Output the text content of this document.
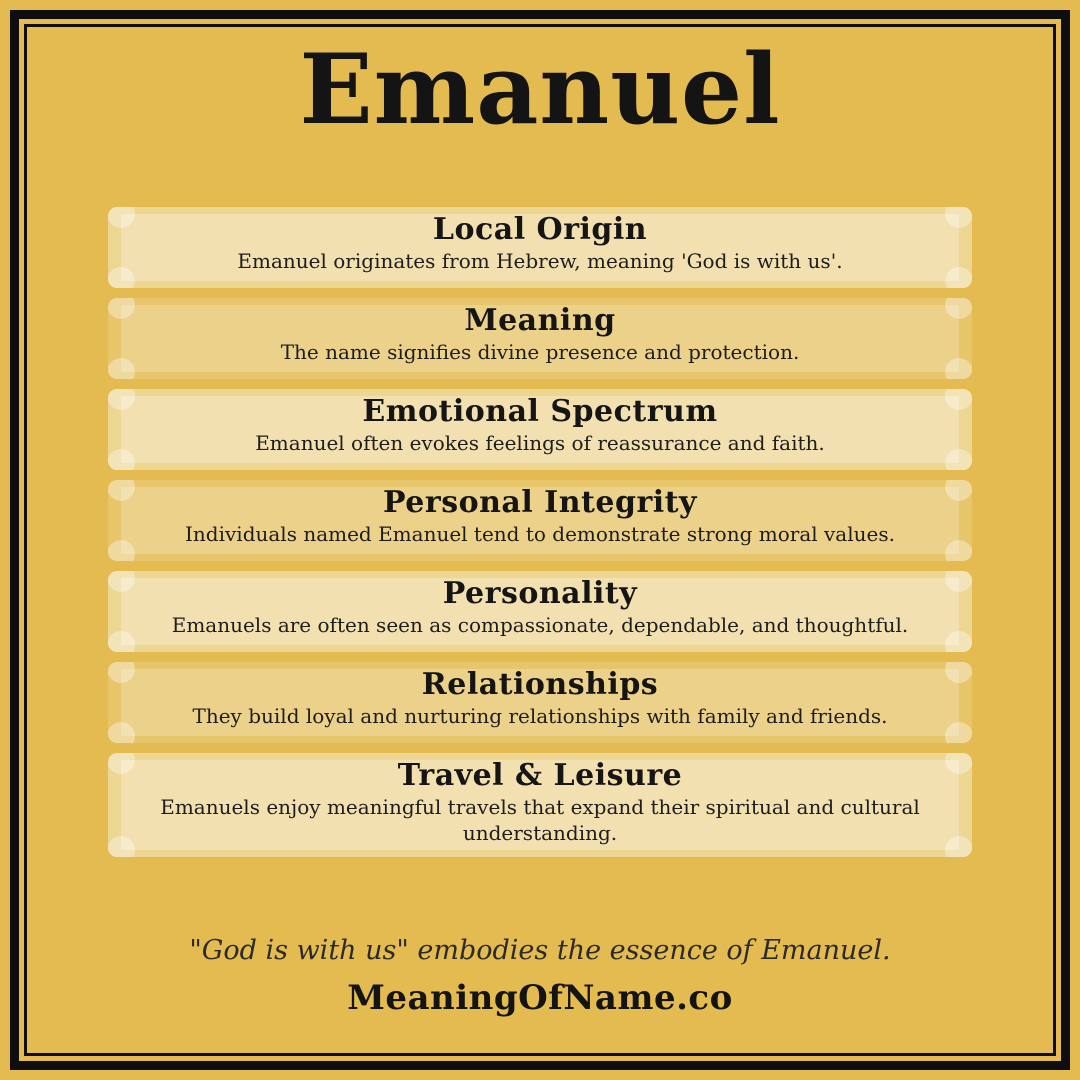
Emanuel
Local Origin
Emanuel originates from Hebrew, meaning 'God is with us'.
Meaning
The name signifies divine presence and protection.
Emotional Spectrum
Emanuel often evokes feelings of reassurance and faith.
Personal Integrity
Individuals named Emanuel tend to demonstrate strong moral values.
Personality
Emanuels are often seen as compassionate, dependable, and thoughtful.
Relationships
They build loyal and nurturing relationships with family and friends.
Travel & Leisure
Emanuels enjoy meaningful travels that expand their spiritual and cultural understanding.
"God is with us" embodies the essence of Emanuel.
MeaningOfName.co
